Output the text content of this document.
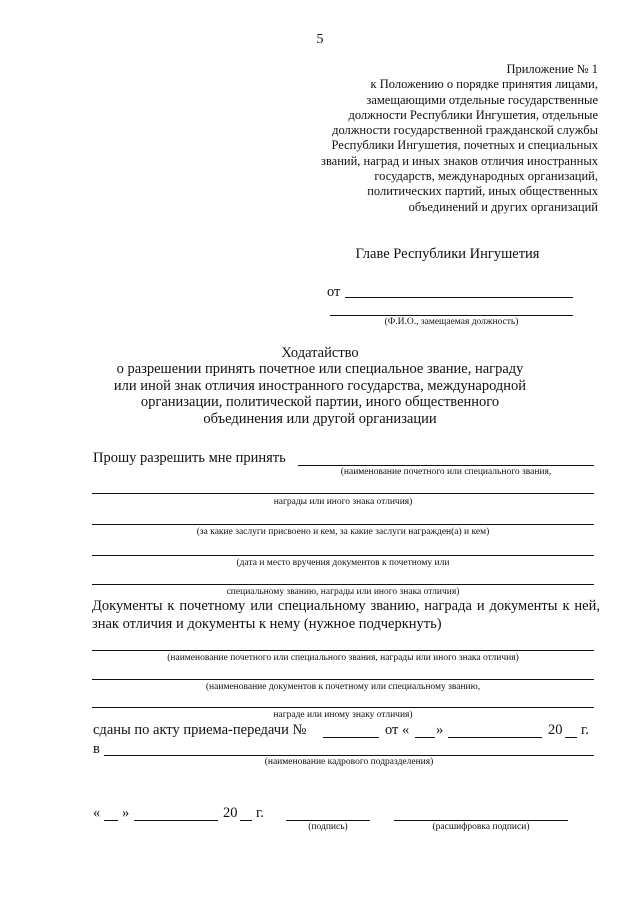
5
Приложение № 1
к Положению о порядке принятия лицами,
замещающими отдельные государственные
должности Республики Ингушетия, отдельные
должности государственной гражданской службы
Республики Ингушетия, почетных и специальных
званий, наград и иных знаков отличия иностранных
государств, международных организаций,
политических партий, иных общественных
объединений и других организаций
Главе Республики Ингушетия
от
(Ф.И.О., замещаемая должность)
Ходатайство
о разрешении принять почетное или специальное звание, награду
или иной знак отличия иностранного государства, международной
организации, политической партии, иного общественного
объединения или другой организации
Прошу разрешить мне принять
(наименование почетного или специального звания,
награды или иного знака отличия)
(за какие заслуги присвоено и кем, за какие заслуги награжден(а) и кем)
(дата и место вручения документов к почетному или
специальному званию, награды или иного знака отличия)
Документы к почетному или специальному званию, награда и документы к ней, знак отличия и документы к нему (нужное подчеркнуть)
(наименование почетного или специального звания, награды или иного знака отличия)
(наименование документов к почетному или специальному званию,
награде или иному знаку отличия)
сданы по акту приема-передачи №	от « »	20 г.
в
(наименование кадрового подразделения)
« »	20 г.
(подпись)	(расшифровка подписи)
